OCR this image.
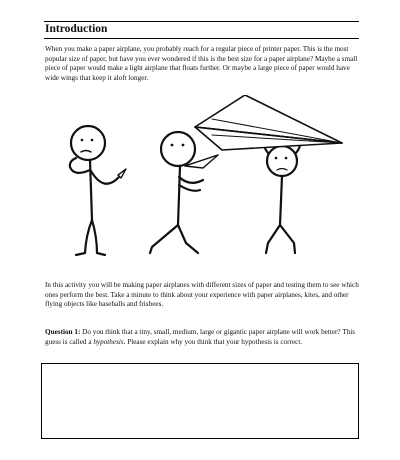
Introduction

When you make a paper airplane, you probably reach for a regular piece of printer paper. This is the most popular size of paper, but have you ever wondered if this is the best size for a paper airplane? Maybe a small piece of paper would make a light airplane that floats further. Or maybe a large piece of paper would have wide wings that keep it aloft longer.

In this activity you will be making paper airplanes with different sizes of paper and testing them to see which ones perform the best. Take a minute to think about your experience with paper airplanes, kites, and other flying objects like baseballs and frisbees.

Question 1: Do you think that a tiny, small, medium, large or gigantic paper airplane will work better? This guess is called a hypothesis. Please explain why you think that your hypothesis is correct.
